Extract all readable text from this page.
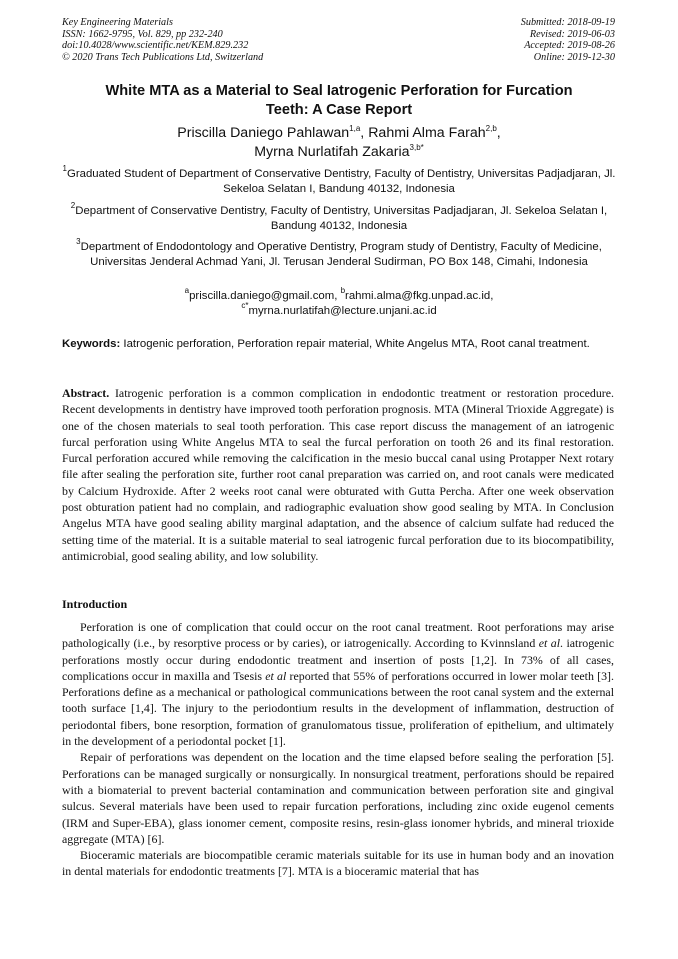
Key Engineering Materials
ISSN: 1662-9795, Vol. 829, pp 232-240
doi:10.4028/www.scientific.net/KEM.829.232
© 2020 Trans Tech Publications Ltd, Switzerland
Submitted: 2018-09-19
Revised: 2019-06-03
Accepted: 2019-08-26
Online: 2019-12-30
White MTA as a Material to Seal Iatrogenic Perforation for Furcation
Teeth: A Case Report
Priscilla Daniego Pahlawan$^{1,a}$, Rahmi Alma Farah$^{2,b}$,
Myrna Nurlatifah Zakaria$^{3,b*}$
$^1$Graduated Student of Department of Conservative Dentistry, Faculty of Dentistry, Universitas Padjadjaran, Jl. Sekeloa Selatan I, Bandung 40132, Indonesia
$^2$Department of Conservative Dentistry, Faculty of Dentistry, Universitas Padjadjaran, Jl. Sekeloa Selatan I, Bandung 40132, Indonesia
$^3$Department of Endodontology and Operative Dentistry, Program study of Dentistry, Faculty of Medicine, Universitas Jenderal Achmad Yani, Jl. Terusan Jenderal Sudirman, PO Box 148, Cimahi, Indonesia
$^a$priscilla.daniego@gmail.com, $^b$rahmi.alma@fkg.unpad.ac.id,
$^{c*}$myrna.nurlatifah@lecture.unjani.ac.id
Keywords: Iatrogenic perforation, Perforation repair material, White Angelus MTA, Root canal treatment.
Abstract. Iatrogenic perforation is a common complication in endodontic treatment or restoration procedure. Recent developments in dentistry have improved tooth perforation prognosis. MTA (Mineral Trioxide Aggregate) is one of the chosen materials to seal tooth perforation. This case report discuss the management of an iatrogenic furcal perforation using White Angelus MTA to seal the furcal perforation on tooth 26 and its final restoration. Furcal perforation accured while removing the calcification in the mesio buccal canal using Protapper Next rotary file after sealing the perforation site, further root canal preparation was carried on, and root canals were medicated by Calcium Hydroxide. After 2 weeks root canal were obturated with Gutta Percha. After one week observation post obturation patient had no complain, and radiographic evaluation show good sealing by MTA. In Conclusion Angelus MTA have good sealing ability marginal adaptation, and the absence of calcium sulfate had reduced the setting time of the material. It is a suitable material to seal iatrogenic furcal perforation due to its biocompatibility, antimicrobial, good sealing ability, and low solubility.
Introduction

Perforation is one of complication that could occur on the root canal treatment. Root perforations may arise pathologically (i.e., by resorptive process or by caries), or iatrogenically. According to Kvinnsland et al. iatrogenic perforations mostly occur during endodontic treatment and insertion of posts [1,2]. In 73% of all cases, complications occur in maxilla and Tsesis et al reported that 55% of perforations occurred in lower molar teeth [3]. Perforations define as a mechanical or pathological communications between the root canal system and the external tooth surface [1,4]. The injury to the periodontium results in the development of inflammation, destruction of periodontal fibers, bone resorption, formation of granulomatous tissue, proliferation of epithelium, and ultimately in the development of a periodontal pocket [1].

Repair of perforations was dependent on the location and the time elapsed before sealing the perforation [5]. Perforations can be managed surgically or nonsurgically. In nonsurgical treatment, perforations should be repaired with a biomaterial to prevent bacterial contamination and communication between perforation site and gingival sulcus. Several materials have been used to repair furcation perforations, including zinc oxide eugenol cements (IRM and Super-EBA), glass ionomer cement, composite resins, resin-glass ionomer hybrids, and mineral trioxide aggregate (MTA) [6].

Bioceramic materials are biocompatible ceramic materials suitable for its use in human body and an inovation in dental materials for endodontic treatments [7]. MTA is a bioceramic material that has
